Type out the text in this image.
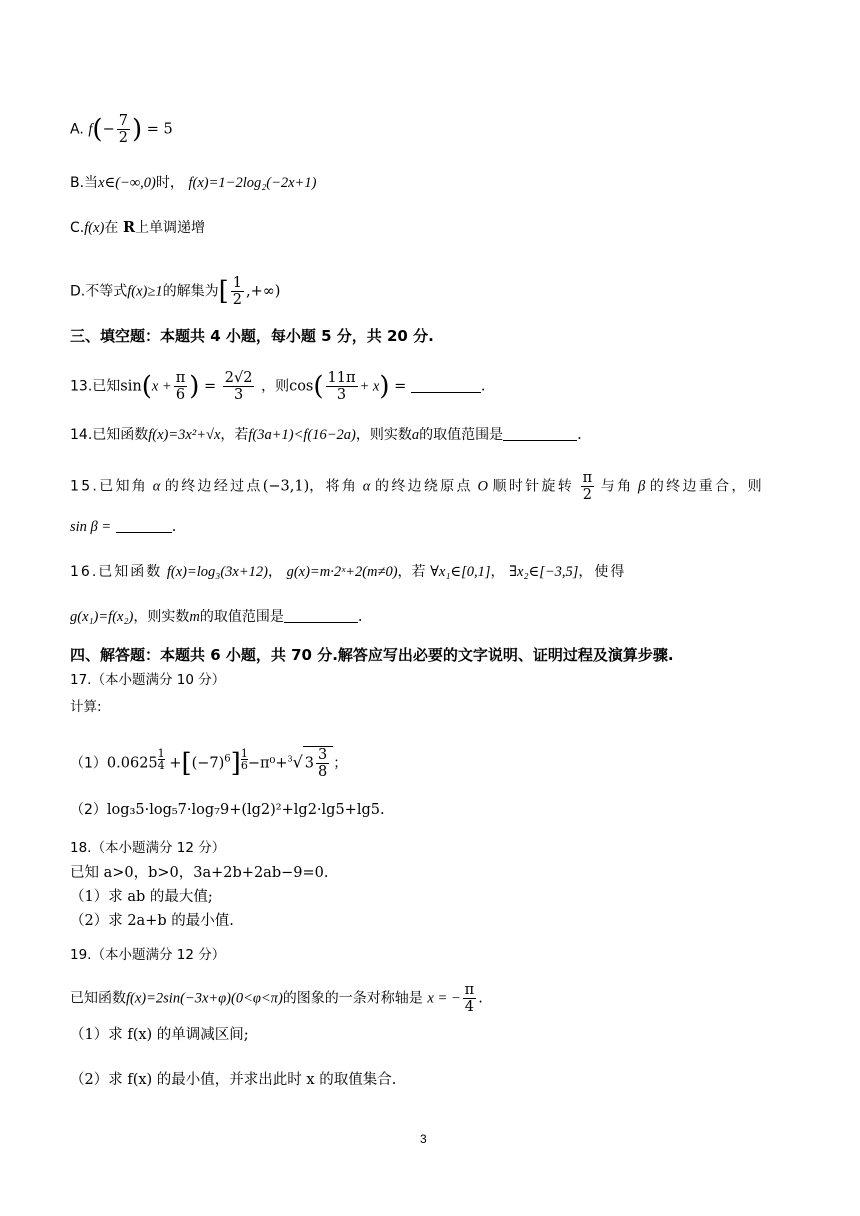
A. $f(- \frac{7}{2}$ ) = 5
B.当x∈(−∞,0)时， f(x)=1−2log₂(−2x+1)
C.f(x)在 R上单调递增
D.不等式f(x)≥1的解集为[ $\frac{1}{2}$ ,+∞)
三、填空题：本题共 4 小题，每小题 5 分，共 20 分.
13.已知$\sin(x + \frac{\pi}{6}$ ) = $\frac{2√2}{3}$ ，则$\cos( \frac{11\pi}{3} + x)$ =	.
14.已知函数f(x)=3x²+√x，若f(3a+1)<f(16−2a)，则实数a的取值范围是	.
15.已知角 α 的终边经过点(−3,1)，将角 α 的终边绕原点 O 顺时针旋转 $\frac{\pi}{2}$ 与角 β 的终边重合，则
sin β =	.
16.已知函数 f(x)=log₃(3x+12)， g(x)=m·2ˣ+2(m≠0)，若 ∀x₁∈[0,1]， ∃x₂∈[−3,5]，使得
g(x₁)=f(x₂)，则实数m的取值范围是	.
四、解答题：本题共 6 小题，共 70 分.解答应写出必要的文字说明、证明过程及演算步骤.
17.（本小题满分 10 分）
计算:
（1）0.0625 $^{\frac{1}{4}} +[(-7)^6]$ $^{\frac{1}{6}}$ −π⁰+$^3$√ $3 \frac{3}{8}$ ；
（2）log₃5·log₅7·log₇9+(lg2)²+lg2·lg5+lg5.
18.（本小题满分 12 分）
已知 a>0，b>0，3a+2b+2ab−9=0.
（1）求 ab 的最大值;
（2）求 2a+b 的最小值.
19.（本小题满分 12 分）
已知函数f(x)=2sin(−3x+φ)(0<φ<π)的图象的一条对称轴是 x = − $\frac{\pi}{4}$ .
（1）求 f(x) 的单调减区间;
（2）求 f(x) 的最小值，并求出此时 x 的取值集合.
3
